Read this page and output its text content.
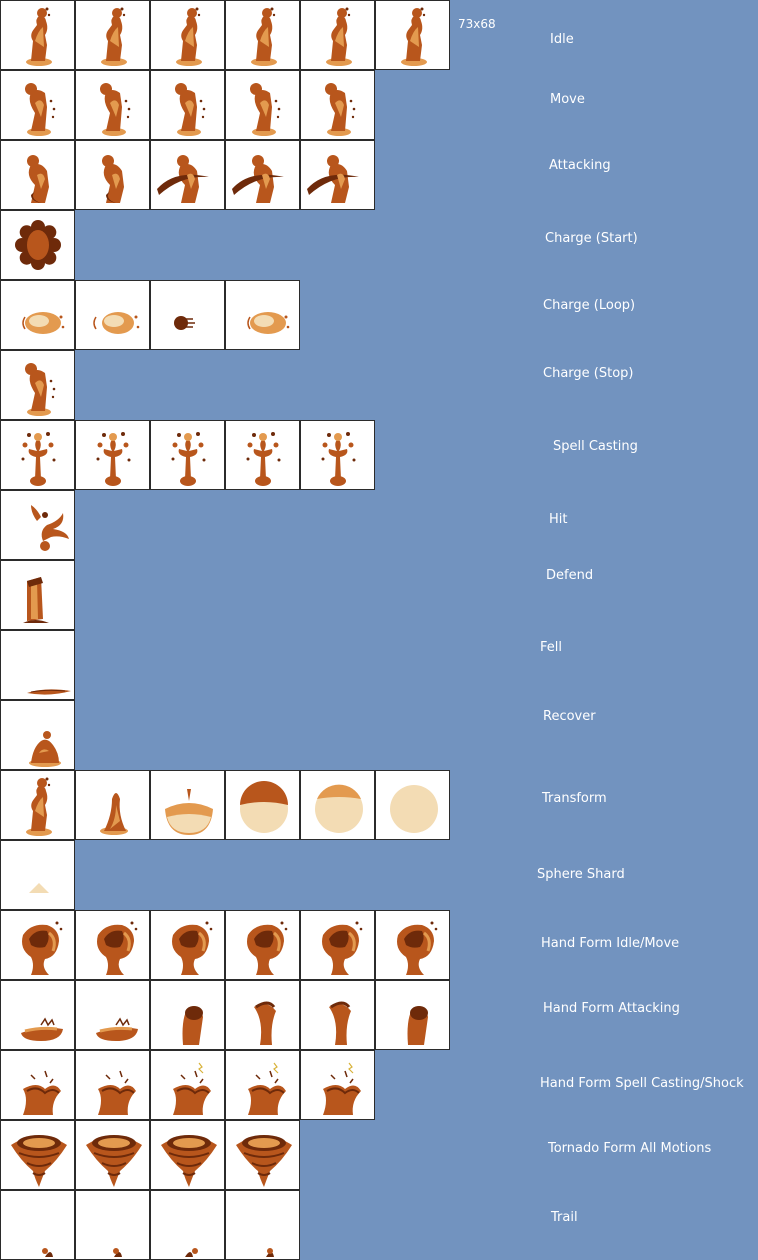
73x68
Idle
Move
Attacking
Charge (Start)
Charge (Loop)
Charge (Stop)
Spell Casting
Hit
Defend
Fell
Recover
Transform
Sphere Shard
Hand Form Idle/Move
Hand Form Attacking
Hand Form Spell Casting/Shock
Tornado Form All Motions
Trail
